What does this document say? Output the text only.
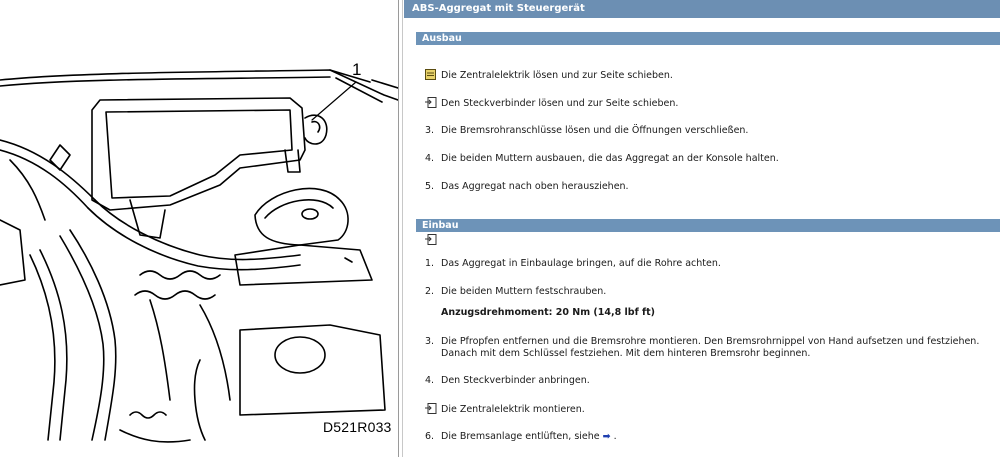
1
D521R033
ABS-Aggregat mit Steuergerät
Ausbau
Die Zentralelektrik lösen und zur Seite schieben.
Den Steckverbinder lösen und zur Seite schieben.
3. Die Bremsrohranschlüsse lösen und die Öffnungen verschließen.
4. Die beiden Muttern ausbauen, die das Aggregat an der Konsole halten.
5. Das Aggregat nach oben herausziehen.
Einbau
1. Das Aggregat in Einbaulage bringen, auf die Rohre achten.
2. Die beiden Muttern festschrauben.
Anzugsdrehmoment: 20 Nm (14,8 lbf ft)
3. Die Pfropfen entfernen und die Bremsrohre montieren. Den Bremsrohrnippel von Hand aufsetzen und festziehen.
Danach mit dem Schlüssel festziehen. Mit dem hinteren Bremsrohr beginnen.
4. Den Steckverbinder anbringen.
Die Zentralelektrik montieren.
6. Die Bremsanlage entlüften, siehe ➡ .
